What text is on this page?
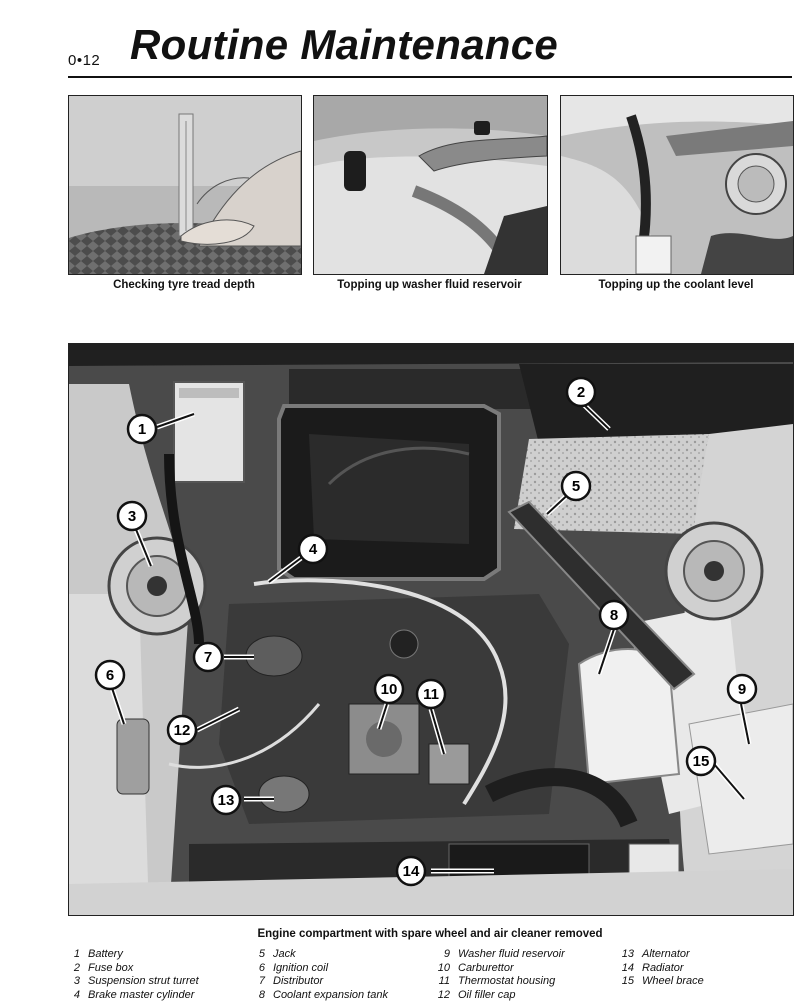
0•12 Routine Maintenance
Checking tyre tread depth	Topping up washer fluid reservoir	Topping up the coolant level
1
2
3
4
5
6
7
8
9
10 11
12
13
14
15
Engine compartment with spare wheel and air cleaner removed
1 Battery
2 Fuse box
3 Suspension strut turret
4 Brake master cylinder
5 Jack
6 Ignition coil
7 Distributor
8 Coolant expansion tank
9 Washer fluid reservoir
10 Carburettor
11 Thermostat housing
12 Oil filler cap
13 Alternator
14 Radiator
15 Wheel brace
